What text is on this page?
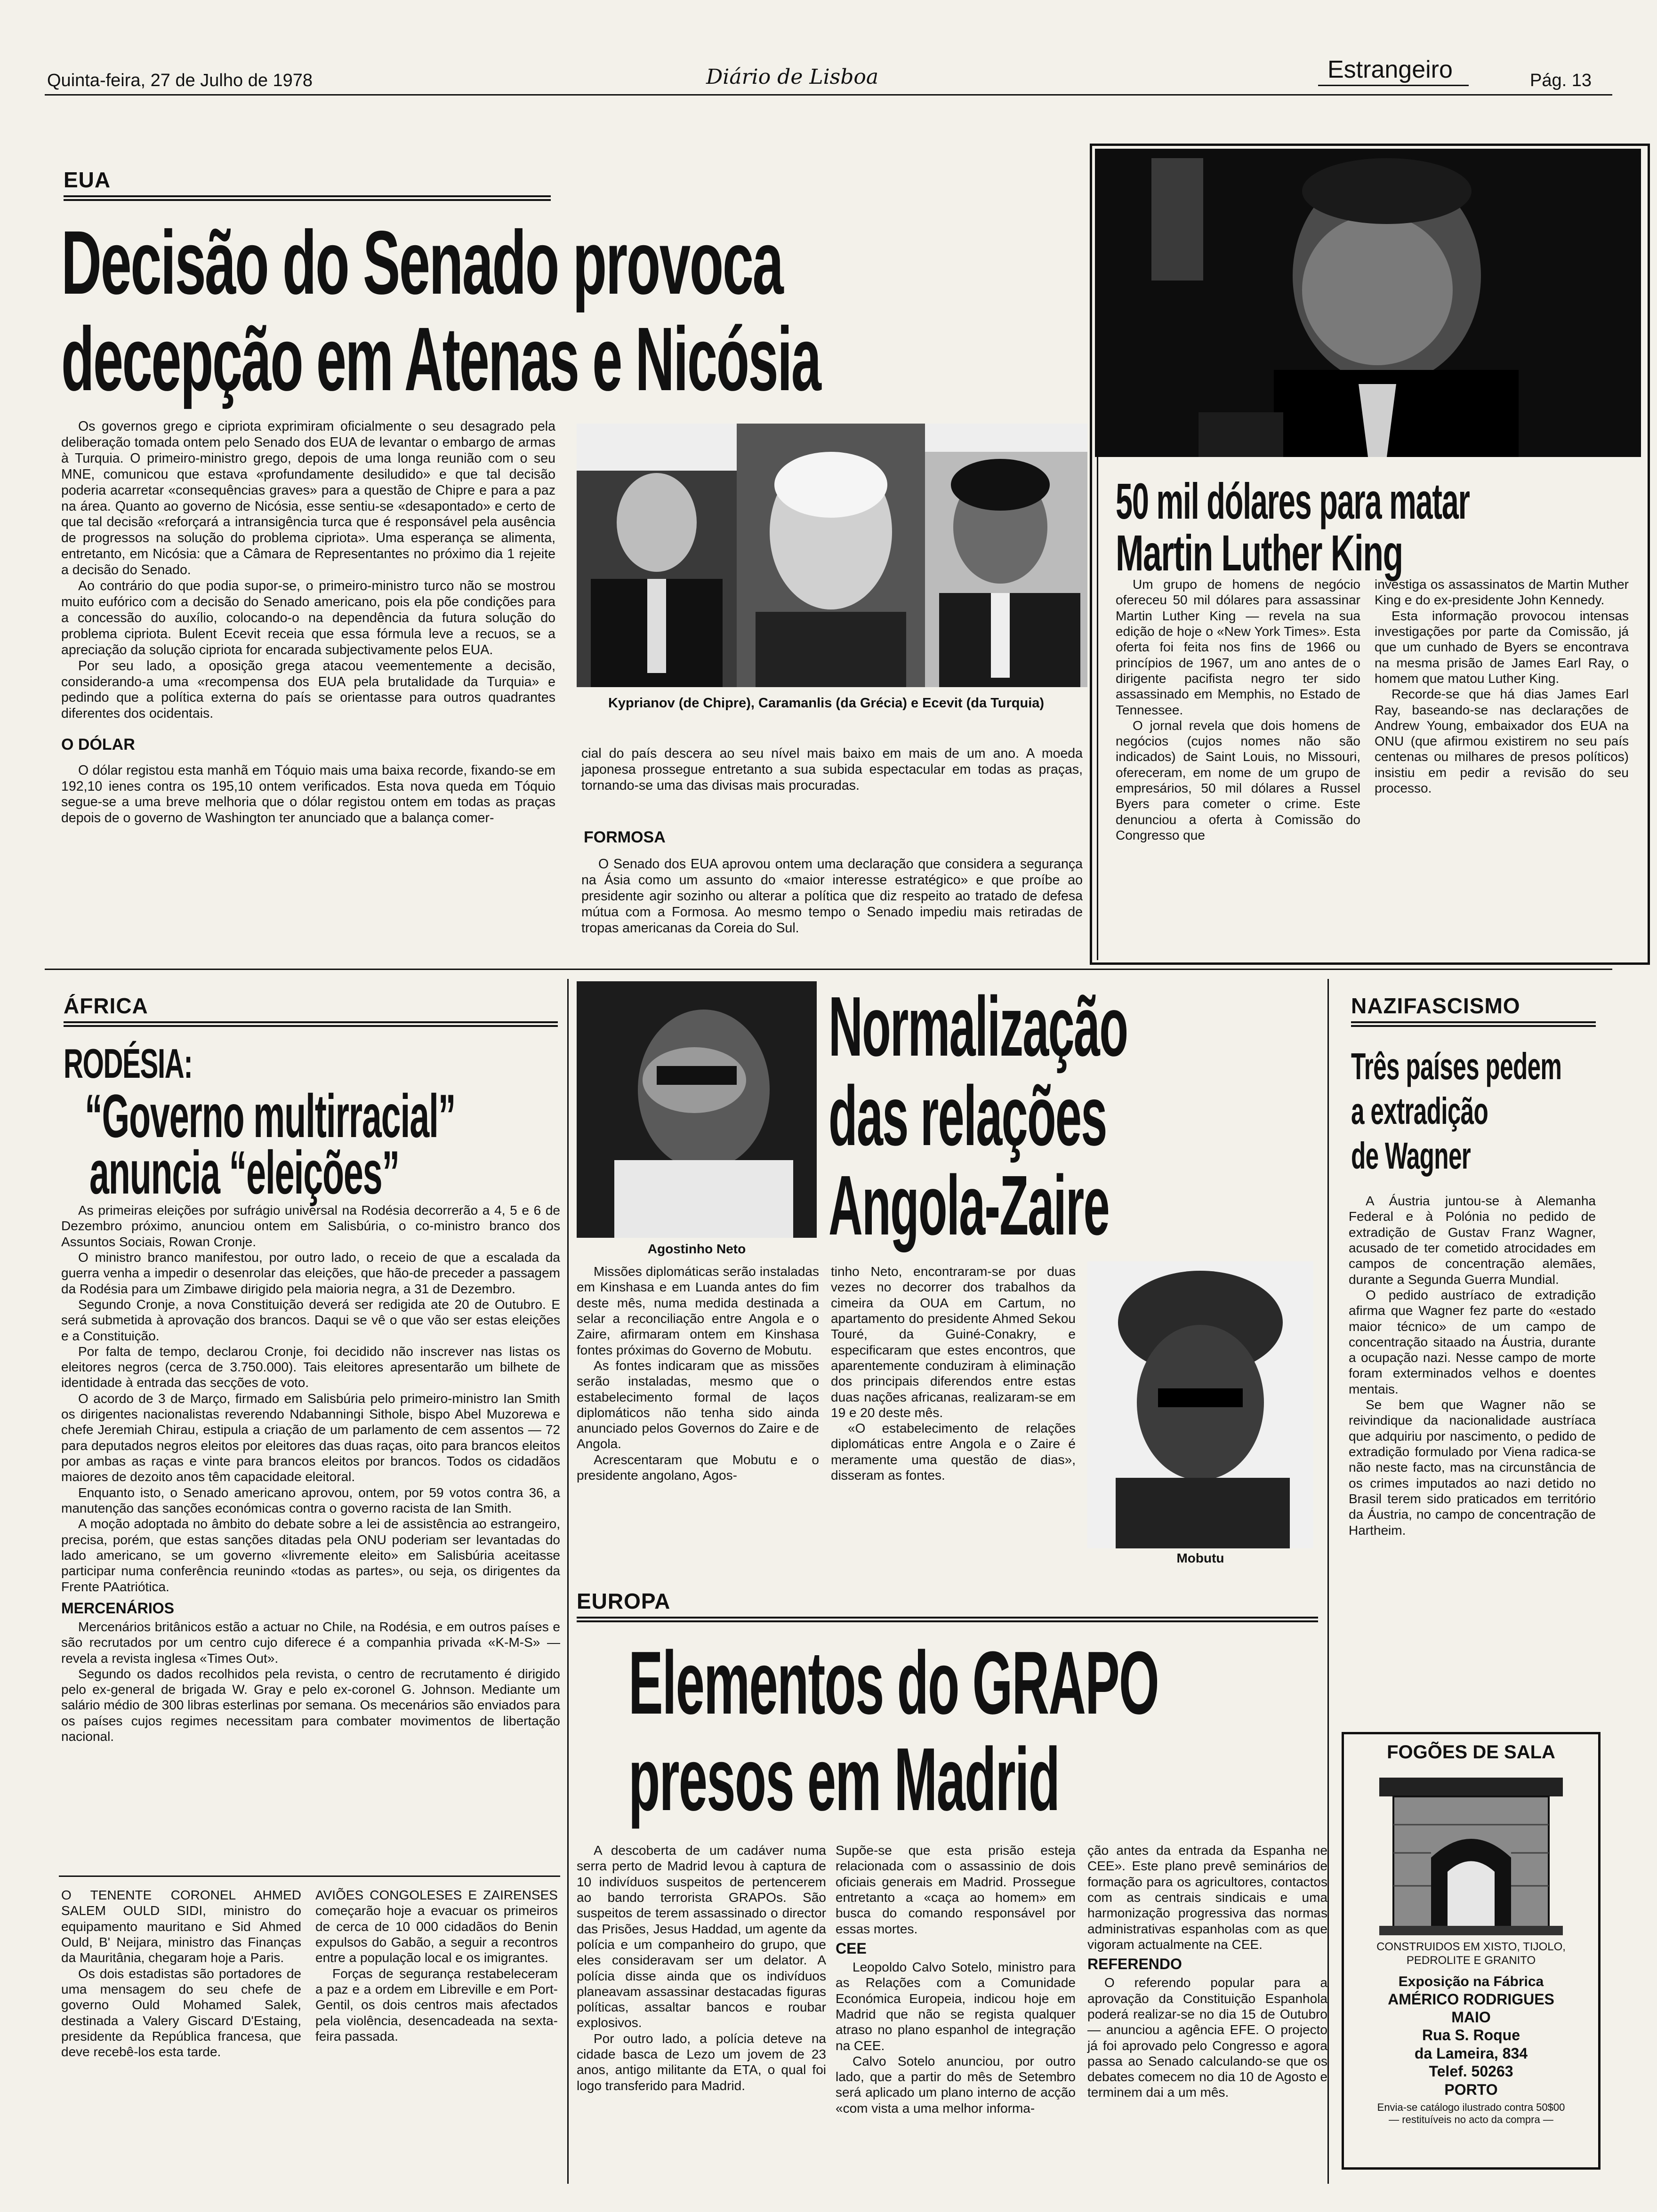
Quinta-feira, 27 de Julho de 1978	Diário de Lisboa	Estrangeiro	Pág. 13
EUA
Decisão do Senado provoca
decepção em Atenas e Nicósia

Os governos grego e cipriota exprimiram oficialmente o seu desagrado pela deliberação tomada ontem pelo Senado dos EUA de levantar o embargo de armas à Turquia. O primeiro-ministro grego, depois de uma longa reunião com o seu MNE, comunicou que estava «profundamente desiludido» e que tal decisão poderia acarretar «consequências graves» para a questão de Chipre e para a paz na área. Quanto ao governo de Nicósia, esse sentiu-se «desapontado» e certo de que tal decisão «reforçará a intransigência turca que é responsável pela ausência de progressos na solução do problema cipriota». Uma esperança se alimenta, entretanto, em Nicósia: que a Câmara de Representantes no próximo dia 1 rejeite a decisão do Senado.

Ao contrário do que podia supor-se, o primeiro-ministro turco não se mostrou muito eufórico com a decisão do Senado americano, pois ela põe condições para a concessão do auxílio, colocando-o na dependência da futura solução do problema cipriota. Bulent Ecevit receia que essa fórmula leve a recuos, se a apreciação da solução cipriota for encarada subjectivamente pelos EUA.

Por seu lado, a oposição grega atacou veementemente a decisão, considerando-a uma «recompensa dos EUA pela brutalidade da Turquia» e pedindo que a política externa do país se orientasse para outros quadrantes diferentes dos ocidentais.

O DÓLAR

O dólar registou esta manhã em Tóquio mais uma baixa recorde, fixando-se em 192,10 ienes contra os 195,10 ontem verificados. Esta nova queda em Tóquio segue-se a uma breve melhoria que o dólar registou ontem em todas as praças depois de o governo de Washington ter anunciado que a balança comer-

Kyprianov (de Chipre), Caramanlis (da Grécia) e Ecevit (da Turquia)
cial do país descera ao seu nível mais baixo em mais de um ano. A moeda japonesa prossegue entretanto a sua subida espectacular em todas as praças, tornando-se uma das divisas mais procuradas.
FORMOSA

O Senado dos EUA aprovou ontem uma declaração que considera a segurança na Ásia como um assunto do «maior interesse estratégico» e que proíbe ao presidente agir sozinho ou alterar a política que diz respeito ao tratado de defesa mútua com a Formosa. Ao mesmo tempo o Senado impediu mais retiradas de tropas americanas da Coreia do Sul.

50 mil dólares para matar
Martin Luther King

Um grupo de homens de negócio ofereceu 50 mil dólares para assassinar Martin Luther King — revela na sua edição de hoje o «New York Times». Esta oferta foi feita nos fins de 1966 ou princípios de 1967, um ano antes de o dirigente pacifista negro ter sido assassinado em Memphis, no Estado de Tennessee.

O jornal revela que dois homens de negócios (cujos nomes não são indicados) de Saint Louis, no Missouri, ofereceram, em nome de um grupo de empresários, 50 mil dólares a Russel Byers para cometer o crime. Este denunciou a oferta à Comissão do Congresso que

investiga os assassinatos de Martin Muther King e do ex-presidente John Kennedy.

Esta informação provocou intensas investigações por parte da Comissão, já que um cunhado de Byers se encontrava na mesma prisão de James Earl Ray, o homem que matou Luther King.

Recorde-se que há dias James Earl Ray, baseando-se nas declarações de Andrew Young, embaixador dos EUA na ONU (que afirmou existirem no seu país centenas ou milhares de presos políticos) insistiu em pedir a revisão do seu processo.

ÁFRICA
RODÉSIA:
“Governo multirracial”
anuncia “eleições”

As primeiras eleições por sufrágio universal na Rodésia decorrerão a 4, 5 e 6 de Dezembro próximo, anunciou ontem em Salisbúria, o co-ministro branco dos Assuntos Sociais, Rowan Cronje.

O ministro branco manifestou, por outro lado, o receio de que a escalada da guerra venha a impedir o desenrolar das eleições, que hão-de preceder a passagem da Rodésia para um Zimbawe dirigido pela maioria negra, a 31 de Dezembro.

Segundo Cronje, a nova Constituição deverá ser redigida ate 20 de Outubro. E será submetida à aprovação dos brancos. Daqui se vê o que vão ser estas eleições e a Constituição.

Por falta de tempo, declarou Cronje, foi decidido não inscrever nas listas os eleitores negros (cerca de 3.750.000). Tais eleitores apresentarão um bilhete de identidade à entrada das secções de voto.

O acordo de 3 de Março, firmado em Salisbúria pelo primeiro-ministro Ian Smith os dirigentes nacionalistas reverendo Ndabanningi Sithole, bispo Abel Muzorewa e chefe Jeremiah Chirau, estipula a criação de um parlamento de cem assentos — 72 para deputados negros eleitos por eleitores das duas raças, oito para brancos eleitos por ambas as raças e vinte para brancos eleitos por brancos. Todos os cidadãos maiores de dezoito anos têm capacidade eleitoral.

Enquanto isto, o Senado americano aprovou, ontem, por 59 votos contra 36, a manutenção das sanções económicas contra o governo racista de Ian Smith.

A moção adoptada no âmbito do debate sobre a lei de assistência ao estrangeiro, precisa, porém, que estas sanções ditadas pela ONU poderiam ser levantadas do lado americano, se um governo «livremente eleito» em Salisbúria aceitasse participar numa conferência reunindo «todas as partes», ou seja, os dirigentes da Frente PAatriótica.

MERCENÁRIOS

Mercenários britânicos estão a actuar no Chile, na Rodésia, e em outros países e são recrutados por um centro cujo diferece é a companhia privada «K-M-S» — revela a revista inglesa «Times Out».

Segundo os dados recolhidos pela revista, o centro de recrutamento é dirigido pelo ex-general de brigada W. Gray e pelo ex-coronel G. Johnson. Mediante um salário médio de 300 libras esterlinas por semana. Os mecenários são enviados para os países cujos regimes necessitam para combater movimentos de libertação nacional.

O TENENTE CORONEL AHMED SALEM OULD SIDI, ministro do equipamento mauritano e Sid Ahmed Ould, B' Neijara, ministro das Finanças da Mauritânia, chegaram hoje a Paris.

Os dois estadistas são portadores de uma mensagem do seu chefe de governo Ould Mohamed Salek, destinada a Valery Giscard D'Estaing, presidente da República francesa, que deve recebê-los esta tarde.

AVIÕES CONGOLESES E ZAIRENSES começarão hoje a evacuar os primeiros de cerca de 10 000 cidadãos do Benin expulsos do Gabão, a seguir a recontros entre a população local e os imigrantes.

Forças de segurança restabeleceram a paz e a ordem em Libreville e em Port-Gentil, os dois centros mais afectados pela violência, desencadeada na sexta-feira passada.

Agostinho Neto
Normalização
das relações
Angola-Zaire

Missões diplomáticas serão instaladas em Kinshasa e em Luanda antes do fim deste mês, numa medida destinada a selar a reconciliação entre Angola e o Zaire, afirmaram ontem em Kinshasa fontes próximas do Governo de Mobutu.

As fontes indicaram que as missões serão instaladas, mesmo que o estabelecimento formal de laços diplomáticos não tenha sido ainda anunciado pelos Governos do Zaire e de Angola.

Acrescentaram que Mobutu e o presidente angolano, Agos-

tinho Neto, encontraram-se por duas vezes no decorrer dos trabalhos da cimeira da OUA em Cartum, no apartamento do presidente Ahmed Sekou Touré, da Guiné-Conakry, e especificaram que estes encontros, que aparentemente conduziram à eliminação dos principais diferendos entre estas duas nações africanas, realizaram-se em 19 e 20 deste mês.

«O estabelecimento de relações diplomáticas entre Angola e o Zaire é meramente uma questão de dias», disseram as fontes.

Mobutu
EUROPA
Elementos do GRAPO
presos em Madrid

A descoberta de um cadáver numa serra perto de Madrid levou à captura de 10 indivíduos suspeitos de pertencerem ao bando terrorista GRAPOs. São suspeitos de terem assassinado o director das Prisões, Jesus Haddad, um agente da polícia e um companheiro do grupo, que eles consideravam ser um delator. A polícia disse ainda que os indivíduos planeavam assassinar destacadas figuras políticas, assaltar bancos e roubar explosivos.

Por outro lado, a polícia deteve na cidade basca de Lezo um jovem de 23 anos, antigo militante da ETA, o qual foi logo transferido para Madrid.

Supõe-se que esta prisão esteja relacionada com o assassinio de dois oficiais generais em Madrid. Prossegue entretanto a «caça ao homem» em busca do comando responsável por essas mortes.

CEE

Leopoldo Calvo Sotelo, ministro para as Relações com a Comunidade Económica Europeia, indicou hoje em Madrid que não se regista qualquer atraso no plano espanhol de integração na CEE.

Calvo Sotelo anunciou, por outro lado, que a partir do mês de Setembro será aplicado um plano interno de acção «com vista a uma melhor informa-

ção antes da entrada da Espanha ne CEE». Este plano prevê seminários de formação para os agricultores, contactos com as centrais sindicais e uma harmonização progressiva das normas administrativas espanholas com as que vigoram actualmente na CEE.

REFERENDO

O referendo popular para a aprovação da Constituição Espanhola poderá realizar-se no dia 15 de Outubro — anunciou a agência EFE. O projecto já foi aprovado pelo Congresso e agora passa ao Senado calculando-se que os debates comecem no dia 10 de Agosto e terminem dai a um mês.

NAZIFASCISMO
Três países pedem
a extradição
de Wagner

A Áustria juntou-se à Alemanha Federal e à Polónia no pedido de extradição de Gustav Franz Wagner, acusado de ter cometido atrocidades em campos de concentração alemães, durante a Segunda Guerra Mundial.

O pedido austríaco de extradição afirma que Wagner fez parte do «estado maior técnico» de um campo de concentração sitaado na Áustria, durante a ocupação nazi. Nesse campo de morte foram exterminados velhos e doentes mentais.

Se bem que Wagner não se reivindique da nacionalidade austríaca que adquiriu por nascimento, o pedido de extradição formulado por Viena radica-se não neste facto, mas na circunstância de os crimes imputados ao nazi detido no Brasil terem sido praticados em território da Áustria, no campo de concentração de Hartheim.

FOGÕES DE SALA
CONSTRUIDOS EM XISTO, TIJOLO, PEDROLITE E GRANITO
Exposição na Fábrica
AMÉRICO RODRIGUES
MAIO
Rua S. Roque
da Lameira, 834
Telef. 50263
PORTO
Envia-se catálogo ilustrado contra 50$00
— restituíveis no acto da compra —
